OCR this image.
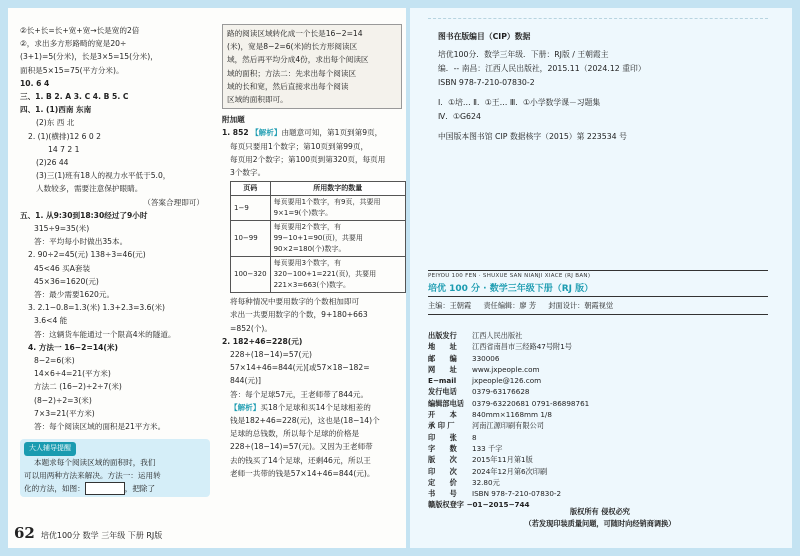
②长+长=长+宽+宽→长是宽的2倍

②，求出多方形路畸的宽是20÷

(3+1)=5(分米)，长是3×5=15(分米)，

面积是5×15=75(平方分米)。

10. 6 4

三、1. B 2. A 3. C 4. B 5. C

四、1. (1)西南 东南

(2)东 西 北

2. (1)(横排)12 6 0 2

14 7 2 1

(2)26 44

(3)三(1)班有18人的视力水平低于5.0，

人数较多，需要注意保护眼睛。

（答案合理即可）

五、1. 从9:30到18:30经过了9小时

315÷9=35(米)

答：平均每小时做出35本。

2. 90÷2=45(元) 138÷3=46(元)

45<46 买A套装

45×36=1620(元)

答：最少需要1620元。

3. 2.1−0.8=1.3(米) 1.3+2.3=3.6(米)

3.6<4 能

答：这辆货车能通过一个限高4米的隧道。

4. 方法一 16−2=14(米)

8−2=6(米)

14×6÷4=21(平方米)

方法二 (16−2)÷2÷7(米)

(8−2)÷2=3(米)

7×3=21(平方米)

答：每个阅读区域的面积是21平方米。

大人辅导提醒

本题求每个阅读区域的面积时，我们

可以用两种方法来解决。方法一：运用转

化的方法，如图：	，把除了

路的阅读区域转化成一个长是16−2=14

(米)，宽是8−2=6(米)的长方形阅读区

域，然后再平均分成4份，求出每个阅读区

域的面积；方法二：先求出每个阅读区

域的长和宽，然后直接求出每个阅读

区域的面积即可。

附加题

1. 852 【解析】由题意可知，第1页到第9页，

每页只要用1个数字；第10页到第99页，

每页用2个数字；第100页到第320页，每页用

3个数字。

页码	所用数字的数量
1−9	每页要用1个数字，有9页，共要用9×1=9(个)数字。
10−99	每页要用2个数字，有99−10+1=90(页)，共要用90×2=180(个)数字。
100−320	每页要用3个数字，有320−100+1=221(页)，共要用221×3=663(个)数字。

将每种情况中要用数字的个数相加即可

求出一共要用数字的个数，9+180+663

=852(个)。

2. 182+46=228(元)

228÷(18−14)=57(元)

57×14+46=844(元)[或57×18−182=

844(元)]

答：每个足球57元，王老师带了844元。

【解析】买18个足球和买14个足球相差的

钱是182+46=228(元)，这也是(18−14)个

足球的总钱数，所以每个足球的价格是

228÷(18−14)=57(元)。又因为王老师带

去的钱买了14个足球，还剩46元，所以王

老师一共带的钱是57×14+46=844(元)。

62 培优100分 数学 三年级 下册 RJ版

图书在版编目（CIP）数据

培优100分．数学三年级．下册：RJ版 / 王朝霞主

编．-- 南昌：江西人民出版社，2015.11（2024.12 重印）

ISBN 978-7-210-07830-2

Ⅰ．①培… Ⅱ．①王… Ⅲ．①小学数学课－习题集

Ⅳ．①G624

中国版本图书馆 CIP 数据核字（2015）第 223534 号

PEIYOU 100 FEN · SHUXUE SAN NIANJI XIACE (RJ BAN)
培优 100 分 · 数学三年级下册（RJ 版）
主编：王朝霞 责任编辑：廖 芳 封面设计：朝霞视觉
出版发行 江西人民出版社
地　　址 江西省南昌市三经路47号附1号
邮　　编 330006
网　　址 www.jxpeople.com
E−mail jxpeople@126.com
发行电话 0379-63176628
编辑部电话 0379-63220681 0791-86898761
开　　本 840mm×1168mm 1/8
承 印 厂 河南江源印刷有限公司
印　　张 8
字　　数 133 千字
版　　次 2015年11月第1版
印　　次 2024年12月第6次印刷
定　　价 32.80元
书　　号 ISBN 978-7-210-07830-2
赣版权登字 −01−2015−744
版权所有 侵权必究
（若发现印装质量问题，可随时向经销商调换）
